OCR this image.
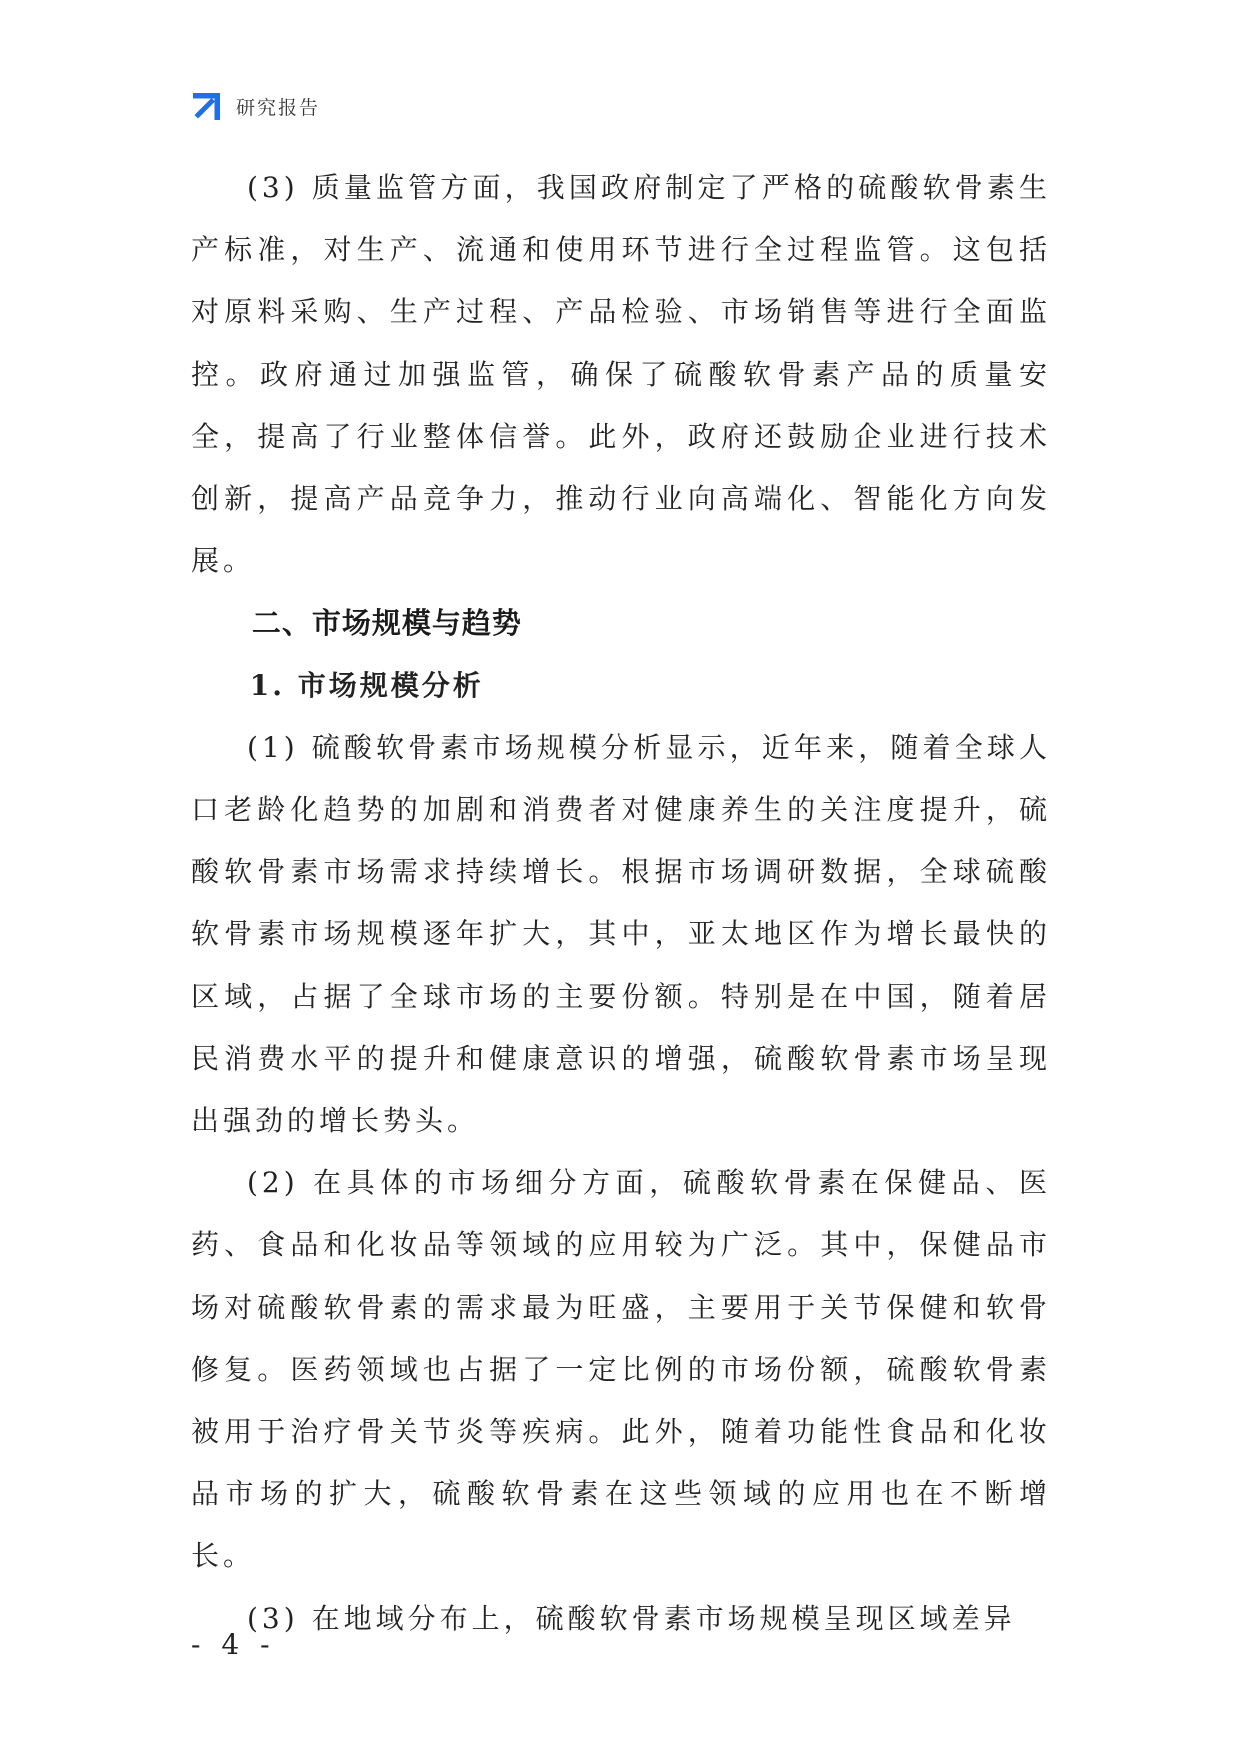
研究报告

(3) 质量监管方面，我国政府制定了严格的硫酸软骨素生产标准，对生产、流通和使用环节进行全过程监管。这包括对原料采购、生产过程、产品检验、市场销售等进行全面监控。政府通过加强监管，确保了硫酸软骨素产品的质量安全，提高了行业整体信誉。此外，政府还鼓励企业进行技术创新，提高产品竞争力，推动行业向高端化、智能化方向发展。

二、市场规模与趋势
1. 市场规模分析

(1) 硫酸软骨素市场规模分析显示，近年来，随着全球人口老龄化趋势的加剧和消费者对健康养生的关注度提升，硫酸软骨素市场需求持续增长。根据市场调研数据，全球硫酸软骨素市场规模逐年扩大，其中，亚太地区作为增长最快的区域，占据了全球市场的主要份额。特别是在中国，随着居民消费水平的提升和健康意识的增强，硫酸软骨素市场呈现出强劲的增长势头。

(2) 在具体的市场细分方面，硫酸软骨素在保健品、医药、食品和化妆品等领域的应用较为广泛。其中，保健品市场对硫酸软骨素的需求最为旺盛，主要用于关节保健和软骨修复。医药领域也占据了一定比例的市场份额，硫酸软骨素被用于治疗骨关节炎等疾病。此外，随着功能性食品和化妆品市场的扩大，硫酸软骨素在这些领域的应用也在不断增长。

(3) 在地域分布上，硫酸软骨素市场规模呈现区域差异

- 4 -
